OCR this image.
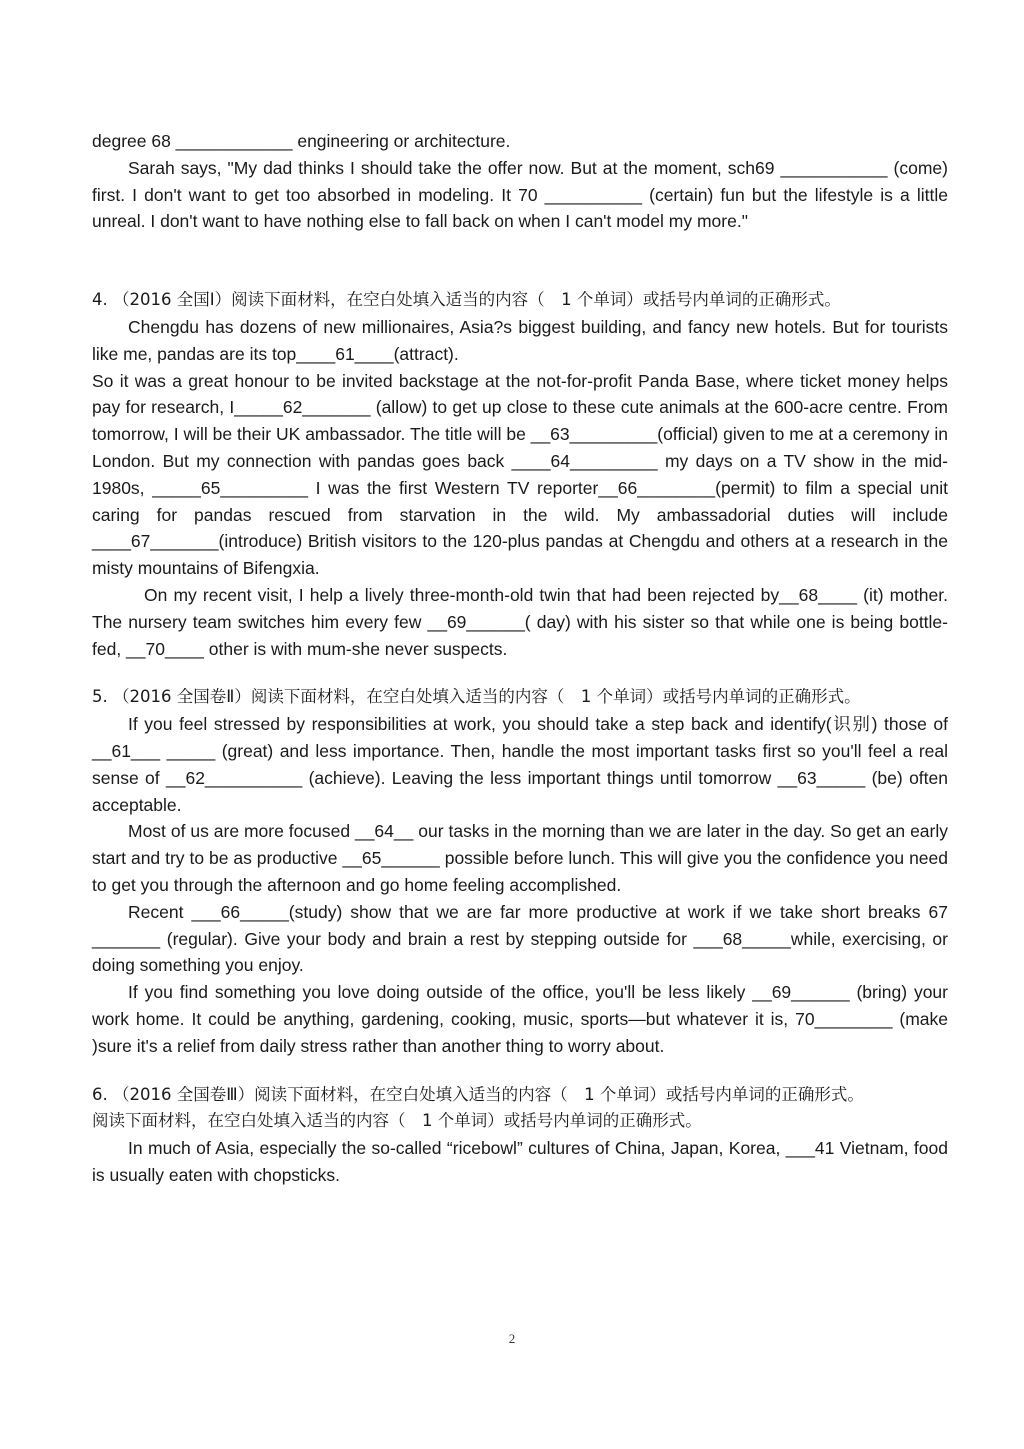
degree 68 ____________ engineering or architecture.

Sarah says, "My dad thinks I should take the offer now. But at the moment, sch69 ___________ (come) first. I don't want to get too absorbed in modeling. It 70 __________ (certain) fun but the lifestyle is a little unreal. I don't want to have nothing else to fall back on when I can't model my more."

4. （2016 全国Ⅰ）阅读下面材料，在空白处填入适当的内容（　1 个单词）或括号内单词的正确形式。

Chengdu has dozens of new millionaires, Asia?s biggest building, and fancy new hotels. But for tourists like me, pandas are its top____61____(attract).

So it was a great honour to be invited backstage at the not-for-profit Panda Base, where ticket money helps pay for research, I_____62_______ (allow) to get up close to these cute animals at the 600-acre centre. From tomorrow, I will be their UK ambassador. The title will be __63_________(official) given to me at a ceremony in London. But my connection with pandas goes back ____64_________ my days on a TV show in the mid-1980s, _____65_________ I was the first Western TV reporter__66________(permit) to film a special unit caring for pandas rescued from starvation in the wild. My ambassadorial duties will include ____67_______(introduce) British visitors to the 120-plus pandas at Chengdu and others at a research in the misty mountains of Bifengxia.

On my recent visit, I help a lively three-month-old twin that had been rejected by__68____ (it) mother. The nursery team switches him every few __69______( day) with his sister so that while one is being bottle-fed, __70____ other is with mum-she never suspects.

5. （2016 全国卷Ⅱ）阅读下面材料，在空白处填入适当的内容（　1 个单词）或括号内单词的正确形式。

If you feel stressed by responsibilities at work, you should take a step back and identify(识别) those of __61___ _____ (great) and less importance. Then, handle the most important tasks first so you'll feel a real sense of __62__________ (achieve). Leaving the less important things until tomorrow __63_____ (be) often acceptable.

Most of us are more focused __64__ our tasks in the morning than we are later in the day. So get an early start and try to be as productive __65______ possible before lunch. This will give you the confidence you need to get you through the afternoon and go home feeling accomplished.

Recent ___66_____(study) show that we are far more productive at work if we take short breaks 67 _______ (regular). Give your body and brain a rest by stepping outside for ___68_____while, exercising, or doing something you enjoy.

If you find something you love doing outside of the office, you'll be less likely __69______ (bring) your work home. It could be anything, gardening, cooking, music, sports—but whatever it is, 70________ (make )sure it's a relief from daily stress rather than another thing to worry about.

6. （2016 全国卷Ⅲ）阅读下面材料，在空白处填入适当的内容（　1 个单词）或括号内单词的正确形式。

阅读下面材料，在空白处填入适当的内容（　1 个单词）或括号内单词的正确形式。

In much of Asia, especially the so-called “ricebowl” cultures of China, Japan, Korea, ___41 Vietnam, food is usually eaten with chopsticks.

2
